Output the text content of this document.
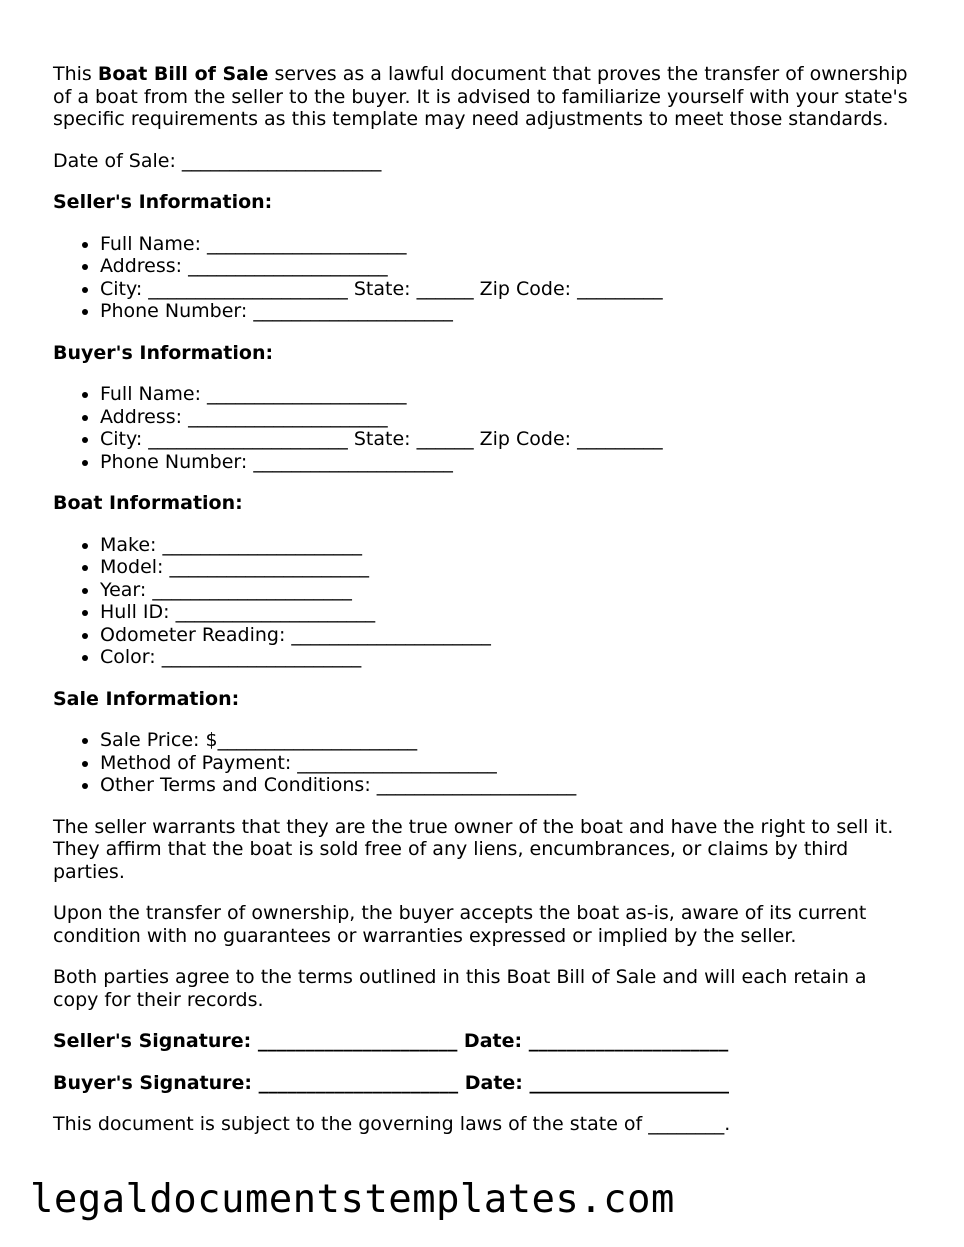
This Boat Bill of Sale serves as a lawful document that proves the transfer of ownership of a boat from the seller to the buyer. It is advised to familiarize yourself with your state's specific requirements as this template may need adjustments to meet those standards.

Date of Sale: _____________________

Seller's Information:
• Full Name: _____________________
• Address: _____________________
• City: _____________________ State: ______ Zip Code: _________
• Phone Number: _____________________
Buyer's Information:
• Full Name: _____________________
• Address: _____________________
• City: _____________________ State: ______ Zip Code: _________
• Phone Number: _____________________
Boat Information:
• Make: _____________________
• Model: _____________________
• Year: _____________________
• Hull ID: _____________________
• Odometer Reading: _____________________
• Color: _____________________
Sale Information:
• Sale Price: $_____________________
• Method of Payment: _____________________
• Other Terms and Conditions: _____________________

The seller warrants that they are the true owner of the boat and have the right to sell it. They affirm that the boat is sold free of any liens, encumbrances, or claims by third parties.

Upon the transfer of ownership, the buyer accepts the boat as-is, aware of its current condition with no guarantees or warranties expressed or implied by the seller.

Both parties agree to the terms outlined in this Boat Bill of Sale and will each retain a copy for their records.

Seller's Signature: _____________________ Date: _____________________
Buyer's Signature: _____________________ Date: _____________________

This document is subject to the governing laws of the state of ________.

legaldocumentstemplates.com
